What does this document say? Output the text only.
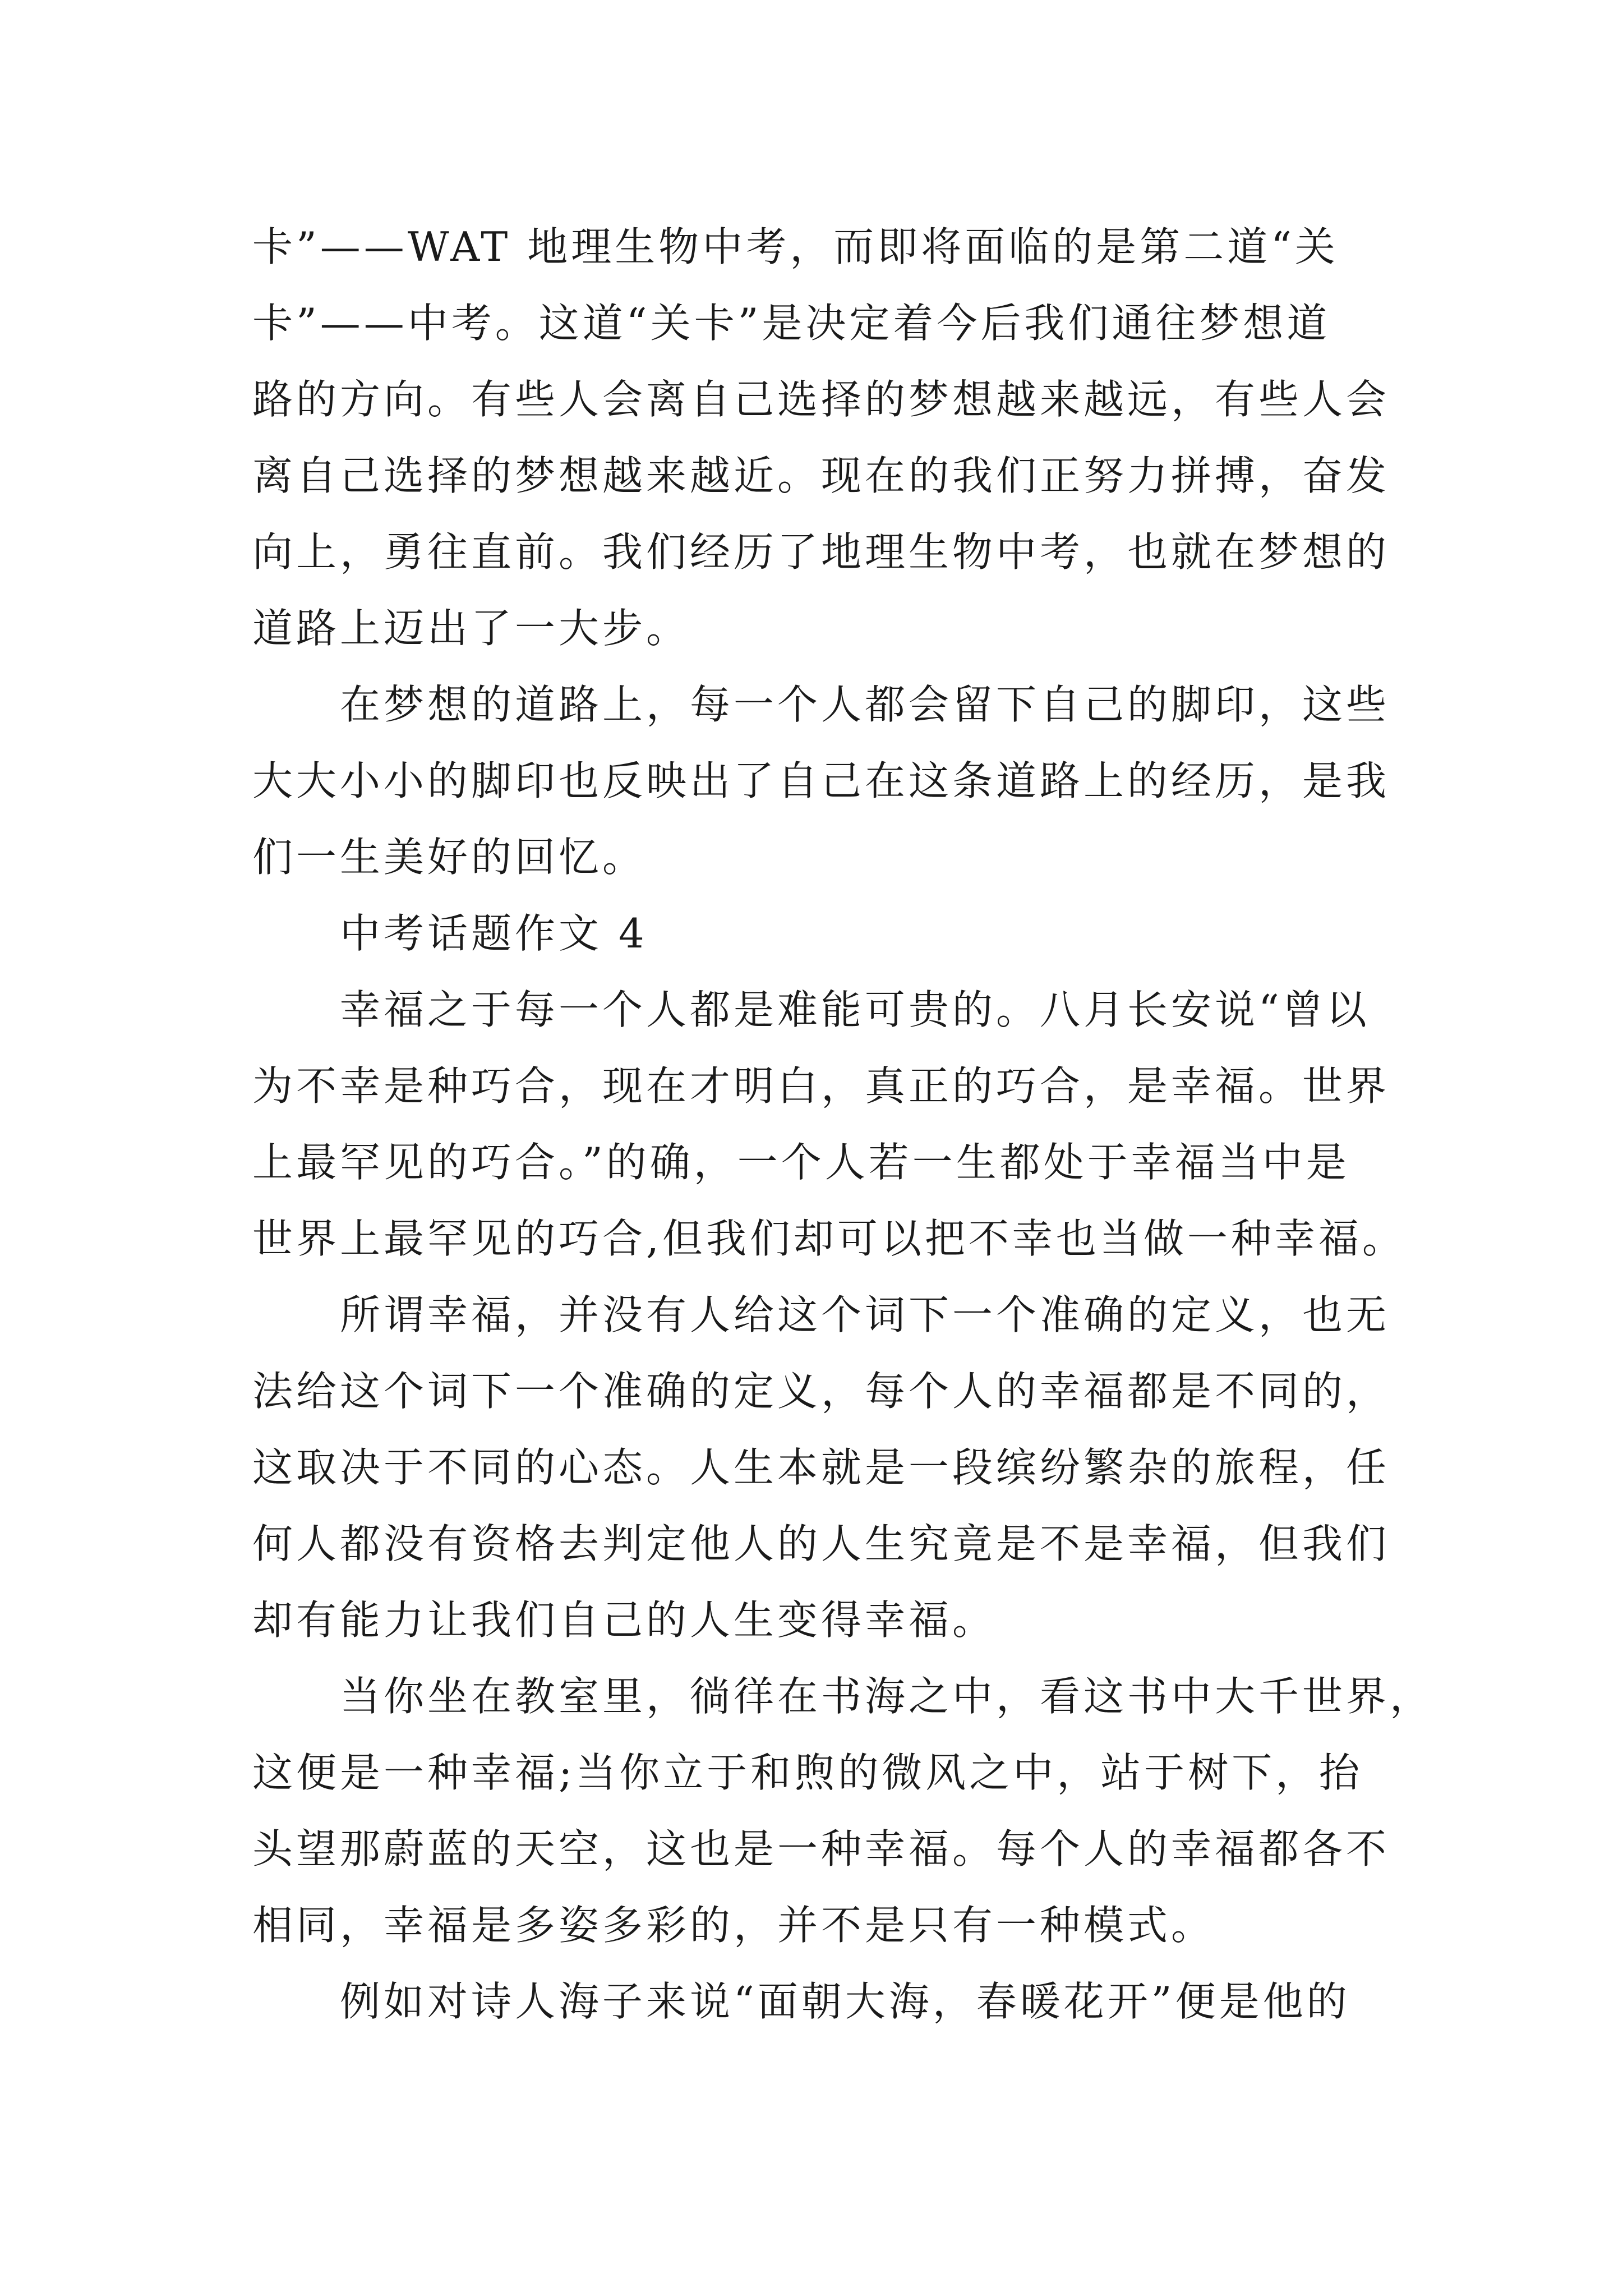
卡”——WAT 地理生物中考，而即将面临的是第二道“关
卡”——中考。这道“关卡”是决定着今后我们通往梦想道
路的方向。有些人会离自己选择的梦想越来越远，有些人会
离自己选择的梦想越来越近。现在的我们正努力拼搏，奋发
向上，勇往直前。我们经历了地理生物中考，也就在梦想的
道路上迈出了一大步。

在梦想的道路上，每一个人都会留下自己的脚印，这些
大大小小的脚印也反映出了自己在这条道路上的经历，是我
们一生美好的回忆。

中考话题作文 4

幸福之于每一个人都是难能可贵的。八月长安说“曾以
为不幸是种巧合，现在才明白，真正的巧合，是幸福。世界
上最罕见的巧合。”的确，一个人若一生都处于幸福当中是
世界上最罕见的巧合,但我们却可以把不幸也当做一种幸福。

所谓幸福，并没有人给这个词下一个准确的定义，也无
法给这个词下一个准确的定义，每个人的幸福都是不同的，
这取决于不同的心态。人生本就是一段缤纷繁杂的旅程，任
何人都没有资格去判定他人的人生究竟是不是幸福，但我们
却有能力让我们自己的人生变得幸福。

当你坐在教室里，徜徉在书海之中，看这书中大千世界，
这便是一种幸福;当你立于和煦的微风之中，站于树下，抬
头望那蔚蓝的天空，这也是一种幸福。每个人的幸福都各不
相同，幸福是多姿多彩的，并不是只有一种模式。

例如对诗人海子来说“面朝大海，春暖花开”便是他的
